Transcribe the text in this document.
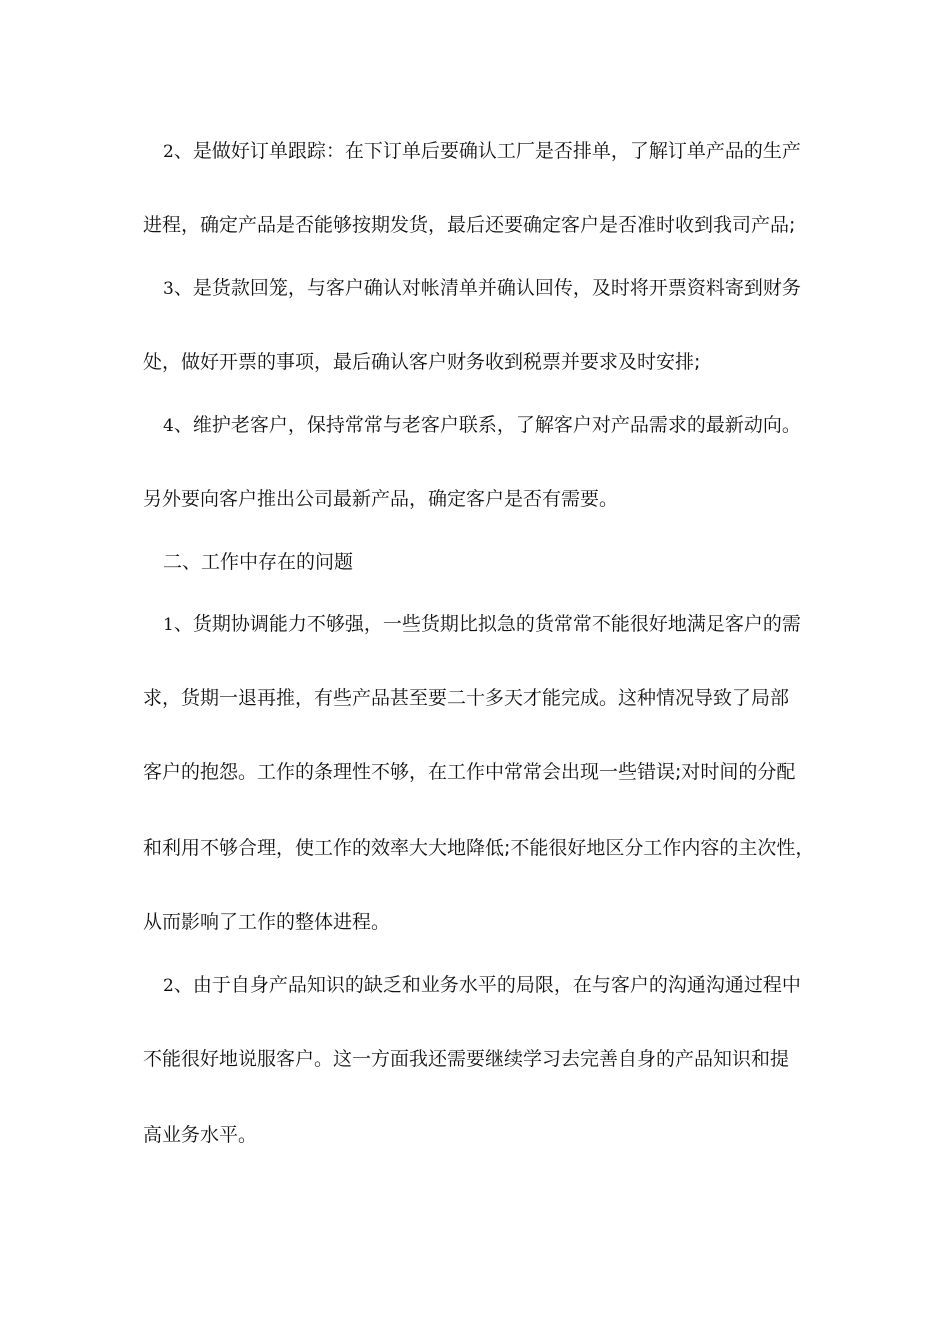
2、是做好订单跟踪：在下订单后要确认工厂是否排单，了解订单产品的生产
进程，确定产品是否能够按期发货，最后还要确定客户是否准时收到我司产品;
3、是货款回笼，与客户确认对帐清单并确认回传，及时将开票资料寄到财务
处，做好开票的事项，最后确认客户财务收到税票并要求及时安排;
4、维护老客户，保持常常与老客户联系，了解客户对产品需求的最新动向。
另外要向客户推出公司最新产品，确定客户是否有需要。
二、工作中存在的问题
1、货期协调能力不够强，一些货期比拟急的货常常不能很好地满足客户的需
求，货期一退再推，有些产品甚至要二十多天才能完成。这种情况导致了局部
客户的抱怨。工作的条理性不够，在工作中常常会出现一些错误;对时间的分配
和利用不够合理，使工作的效率大大地降低;不能很好地区分工作内容的主次性，
从而影响了工作的整体进程。
2、由于自身产品知识的缺乏和业务水平的局限，在与客户的沟通沟通过程中
不能很好地说服客户。这一方面我还需要继续学习去完善自身的产品知识和提
高业务水平。
